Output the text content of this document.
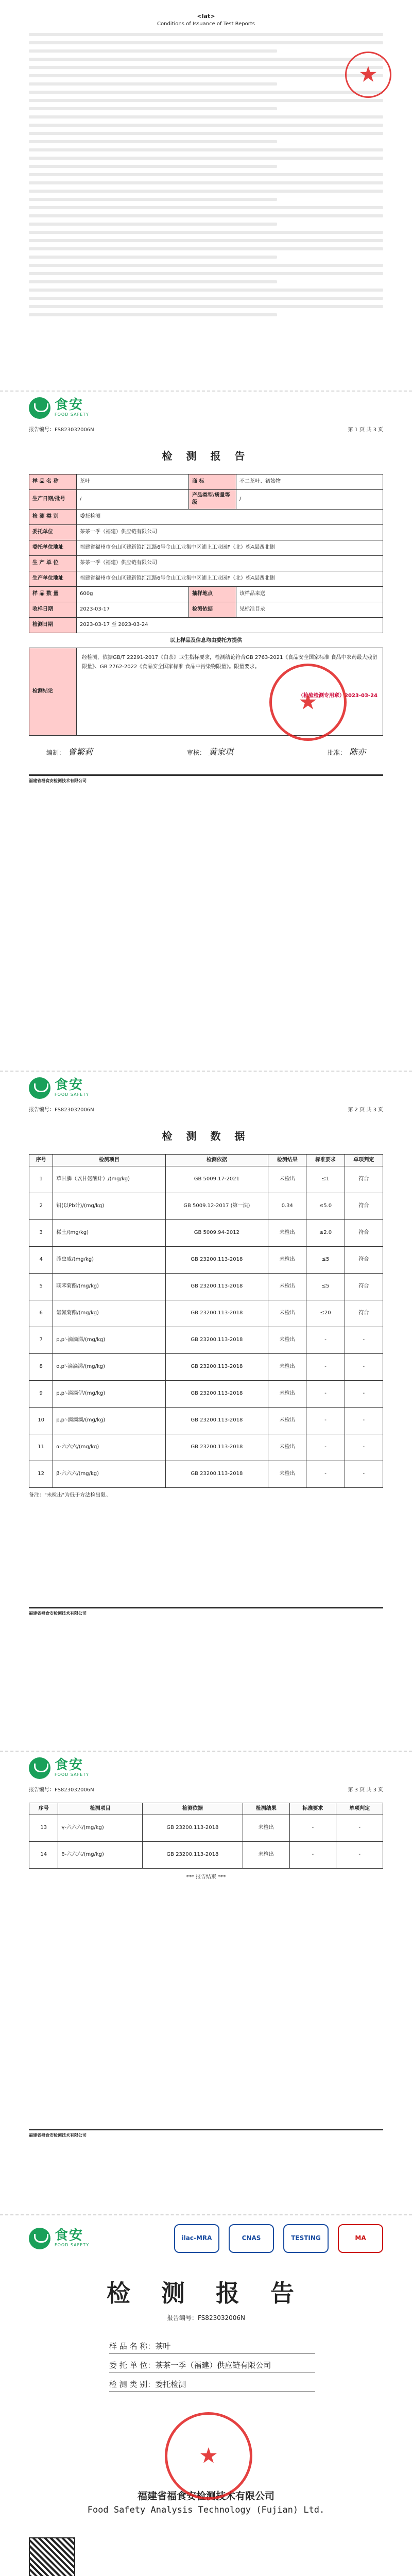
<lat>
Conditions of Issuance of Test Reports
★
食安
FOOD SAFETY
报告编号：FS823032006N	第 1 页 共 3 页
检 测 报 告
样 品 名 称	茶叶	商 标	不二茶叶、初始物
生产日期/批号	/	产品类型/质量等级	/
检 测 类 别	委托检测		
委托单位	茶茶一季（福建）供应链有限公司		
委托单位地址	福建省福州市仓山区建新镇红江路6号金山工业集中区浦上工业园F（北）栋4层西北侧		
生 产 单 位	茶茶一季（福建）供应链有限公司		
生产单位地址	福建省福州市仓山区建新镇红江路6号金山工业集中区浦上工业园F（北）栋4层西北侧		
样 品 数 量	600g	抽样地点	该样品来送
收样日期	2023-03-17	检测依据	见标准目录
检测日期	2023-03-17 至 2023-03-24		
以上样品及信息均由委托方提供
检测结论	
经检测，依据GB/T 22291-2017《白茶》卫生指标要求，检测结论符合GB 2763-2021《食品安全国家标准 食品中农药最大残留限量》、GB 2762-2022《食品安全国家标准 食品中污染物限量》。限量要求。
（检验检测专用章）2023-03-24
★
编制： 曾繁莉	审核： 黄家琪	批准： 陈亦
福建省福食安检测技术有限公司
食安
FOOD SAFETY
报告编号：FS823032006N	第 2 页 共 3 页
检 测 数 据
序号	检测项目	检测依据	检测结果	标准要求	单项判定
1	草甘膦（以甘氨酸计）/(mg/kg)	GB 5009.17-2021	未检出	≤1	符合
2	铅(以Pb计)/(mg/kg)	GB 5009.12-2017 (第一法)	0.34	≤5.0	符合
3	稀土/(mg/kg)	GB 5009.94-2012	未检出	≤2.0	符合
4	茚虫威/(mg/kg)	GB 23200.113-2018	未检出	≤5	符合
5	联苯菊酯/(mg/kg)	GB 23200.113-2018	未检出	≤5	符合
6	氯氰菊酯/(mg/kg)	GB 23200.113-2018	未检出	≤20	符合
7	p,p'-滴滴涕/(mg/kg)	GB 23200.113-2018	未检出	-	-
8	o,p'-滴滴涕/(mg/kg)	GB 23200.113-2018	未检出	-	-
9	p,p'-滴滴伊/(mg/kg)	GB 23200.113-2018	未检出	-	-
10	p,p'-滴滴滴/(mg/kg)	GB 23200.113-2018	未检出	-	-
11	α-六六六/(mg/kg)	GB 23200.113-2018	未检出	-	-
12	β-六六六/(mg/kg)	GB 23200.113-2018	未检出	-	-
备注："未检出"为低于方法检出限。
福建省福食安检测技术有限公司
食安
FOOD SAFETY
报告编号：FS823032006N	第 3 页 共 3 页
序号	检测项目	检测依据	检测结果	标准要求	单项判定
13	γ-六六六/(mg/kg)	GB 23200.113-2018	未检出	-	-
14	δ-六六六/(mg/kg)	GB 23200.113-2018	未检出	-	-
*** 报告结束 ***
福建省福食安检测技术有限公司
食安
FOOD SAFETY
ilac-MRA	CNAS	TESTING	MA
检 测 报 告
报告编号：FS823032006N
样 品 名 称：茶叶
委 托 单 位：茶茶一季（福建）供应链有限公司
检 测 类 别：委托检测
★
福建省福食安检测技术有限公司
Food Safety Analysis Technology (Fujian) Ltd.
